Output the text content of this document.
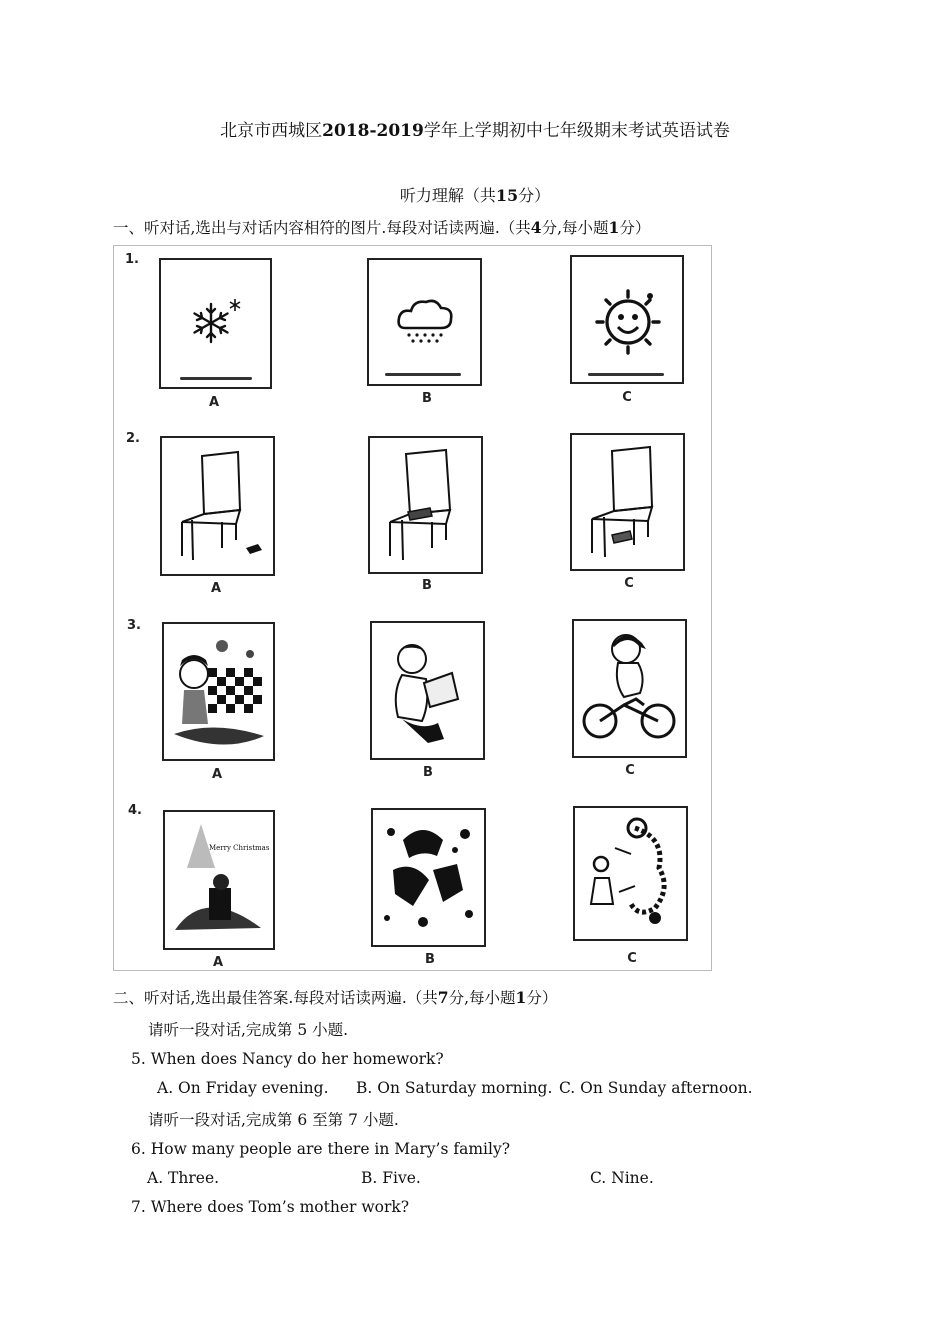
北京市西城区2018-2019学年上学期初中七年级期末考试英语试卷
听力理解（共15分）
一、听对话,选出与对话内容相符的图片.每段对话读两遍.（共4分,每小题1分）
1.
A	B	C
2.
A	B	C
3.
A	B	C
4.
Merry Christmas
A	B	C
二、听对话,选出最佳答案.每段对话读两遍.（共7分,每小题1分）
请听一段对话,完成第 5 小题.
5. When does Nancy do her homework?
A. On Friday evening. B. On Saturday morning. C. On Sunday afternoon.
请听一段对话,完成第 6 至第 7 小题.
6. How many people are there in Mary’s family?
A. Three.	B. Five.	C. Nine.
7. Where does Tom’s mother work?
